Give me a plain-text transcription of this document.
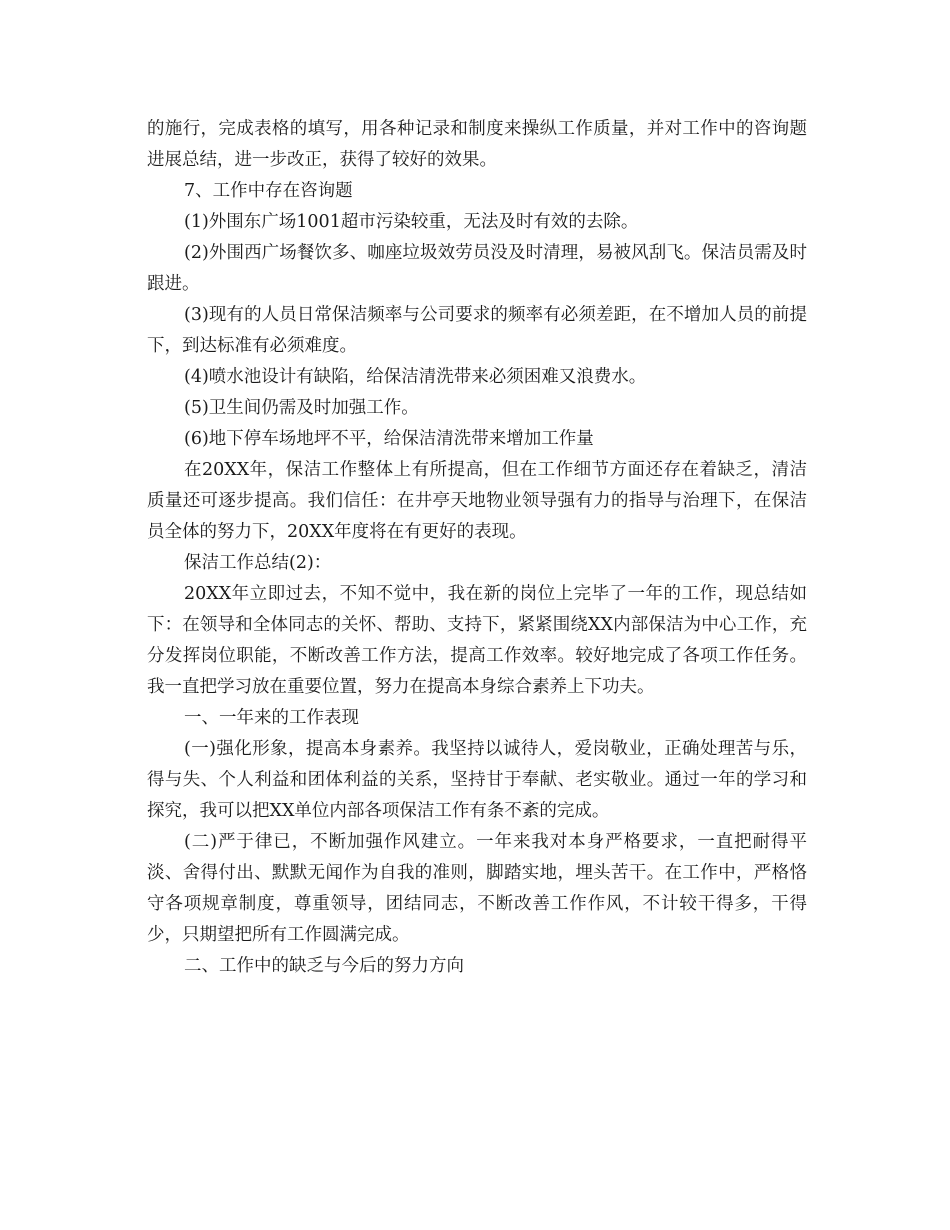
的施行，完成表格的填写，用各种记录和制度来操纵工作质量，并对工作中的咨询题进展总结，进一步改正，获得了较好的效果。

7、工作中存在咨询题

(1)外围东广场1001超市污染较重，无法及时有效的去除。

(2)外围西广场餐饮多、咖座垃圾效劳员没及时清理，易被风刮飞。保洁员需及时跟进。

(3)现有的人员日常保洁频率与公司要求的频率有必须差距，在不增加人员的前提下，到达标准有必须难度。

(4)喷水池设计有缺陷，给保洁清洗带来必须困难又浪费水。

(5)卫生间仍需及时加强工作。

(6)地下停车场地坪不平，给保洁清洗带来增加工作量

在20XX年，保洁工作整体上有所提高，但在工作细节方面还存在着缺乏，清洁质量还可逐步提高。我们信任：在井亭天地物业领导强有力的指导与治理下，在保洁员全体的努力下，20XX年度将在有更好的表现。

保洁工作总结(2)：

20XX年立即过去，不知不觉中，我在新的岗位上完毕了一年的工作，现总结如下：在领导和全体同志的关怀、帮助、支持下，紧紧围绕XX内部保洁为中心工作，充分发挥岗位职能，不断改善工作方法，提高工作效率。较好地完成了各项工作任务。我一直把学习放在重要位置，努力在提高本身综合素养上下功夫。

一、一年来的工作表现

(一)强化形象，提高本身素养。我坚持以诚待人，爱岗敬业，正确处理苦与乐，得与失、个人利益和团体利益的关系，坚持甘于奉献、老实敬业。通过一年的学习和探究，我可以把XX单位内部各项保洁工作有条不紊的完成。

(二)严于律已，不断加强作风建立。一年来我对本身严格要求，一直把耐得平淡、舍得付出、默默无闻作为自我的准则，脚踏实地，埋头苦干。在工作中，严格恪守各项规章制度，尊重领导，团结同志，不断改善工作作风，不计较干得多，干得少，只期望把所有工作圆满完成。

二、工作中的缺乏与今后的努力方向
